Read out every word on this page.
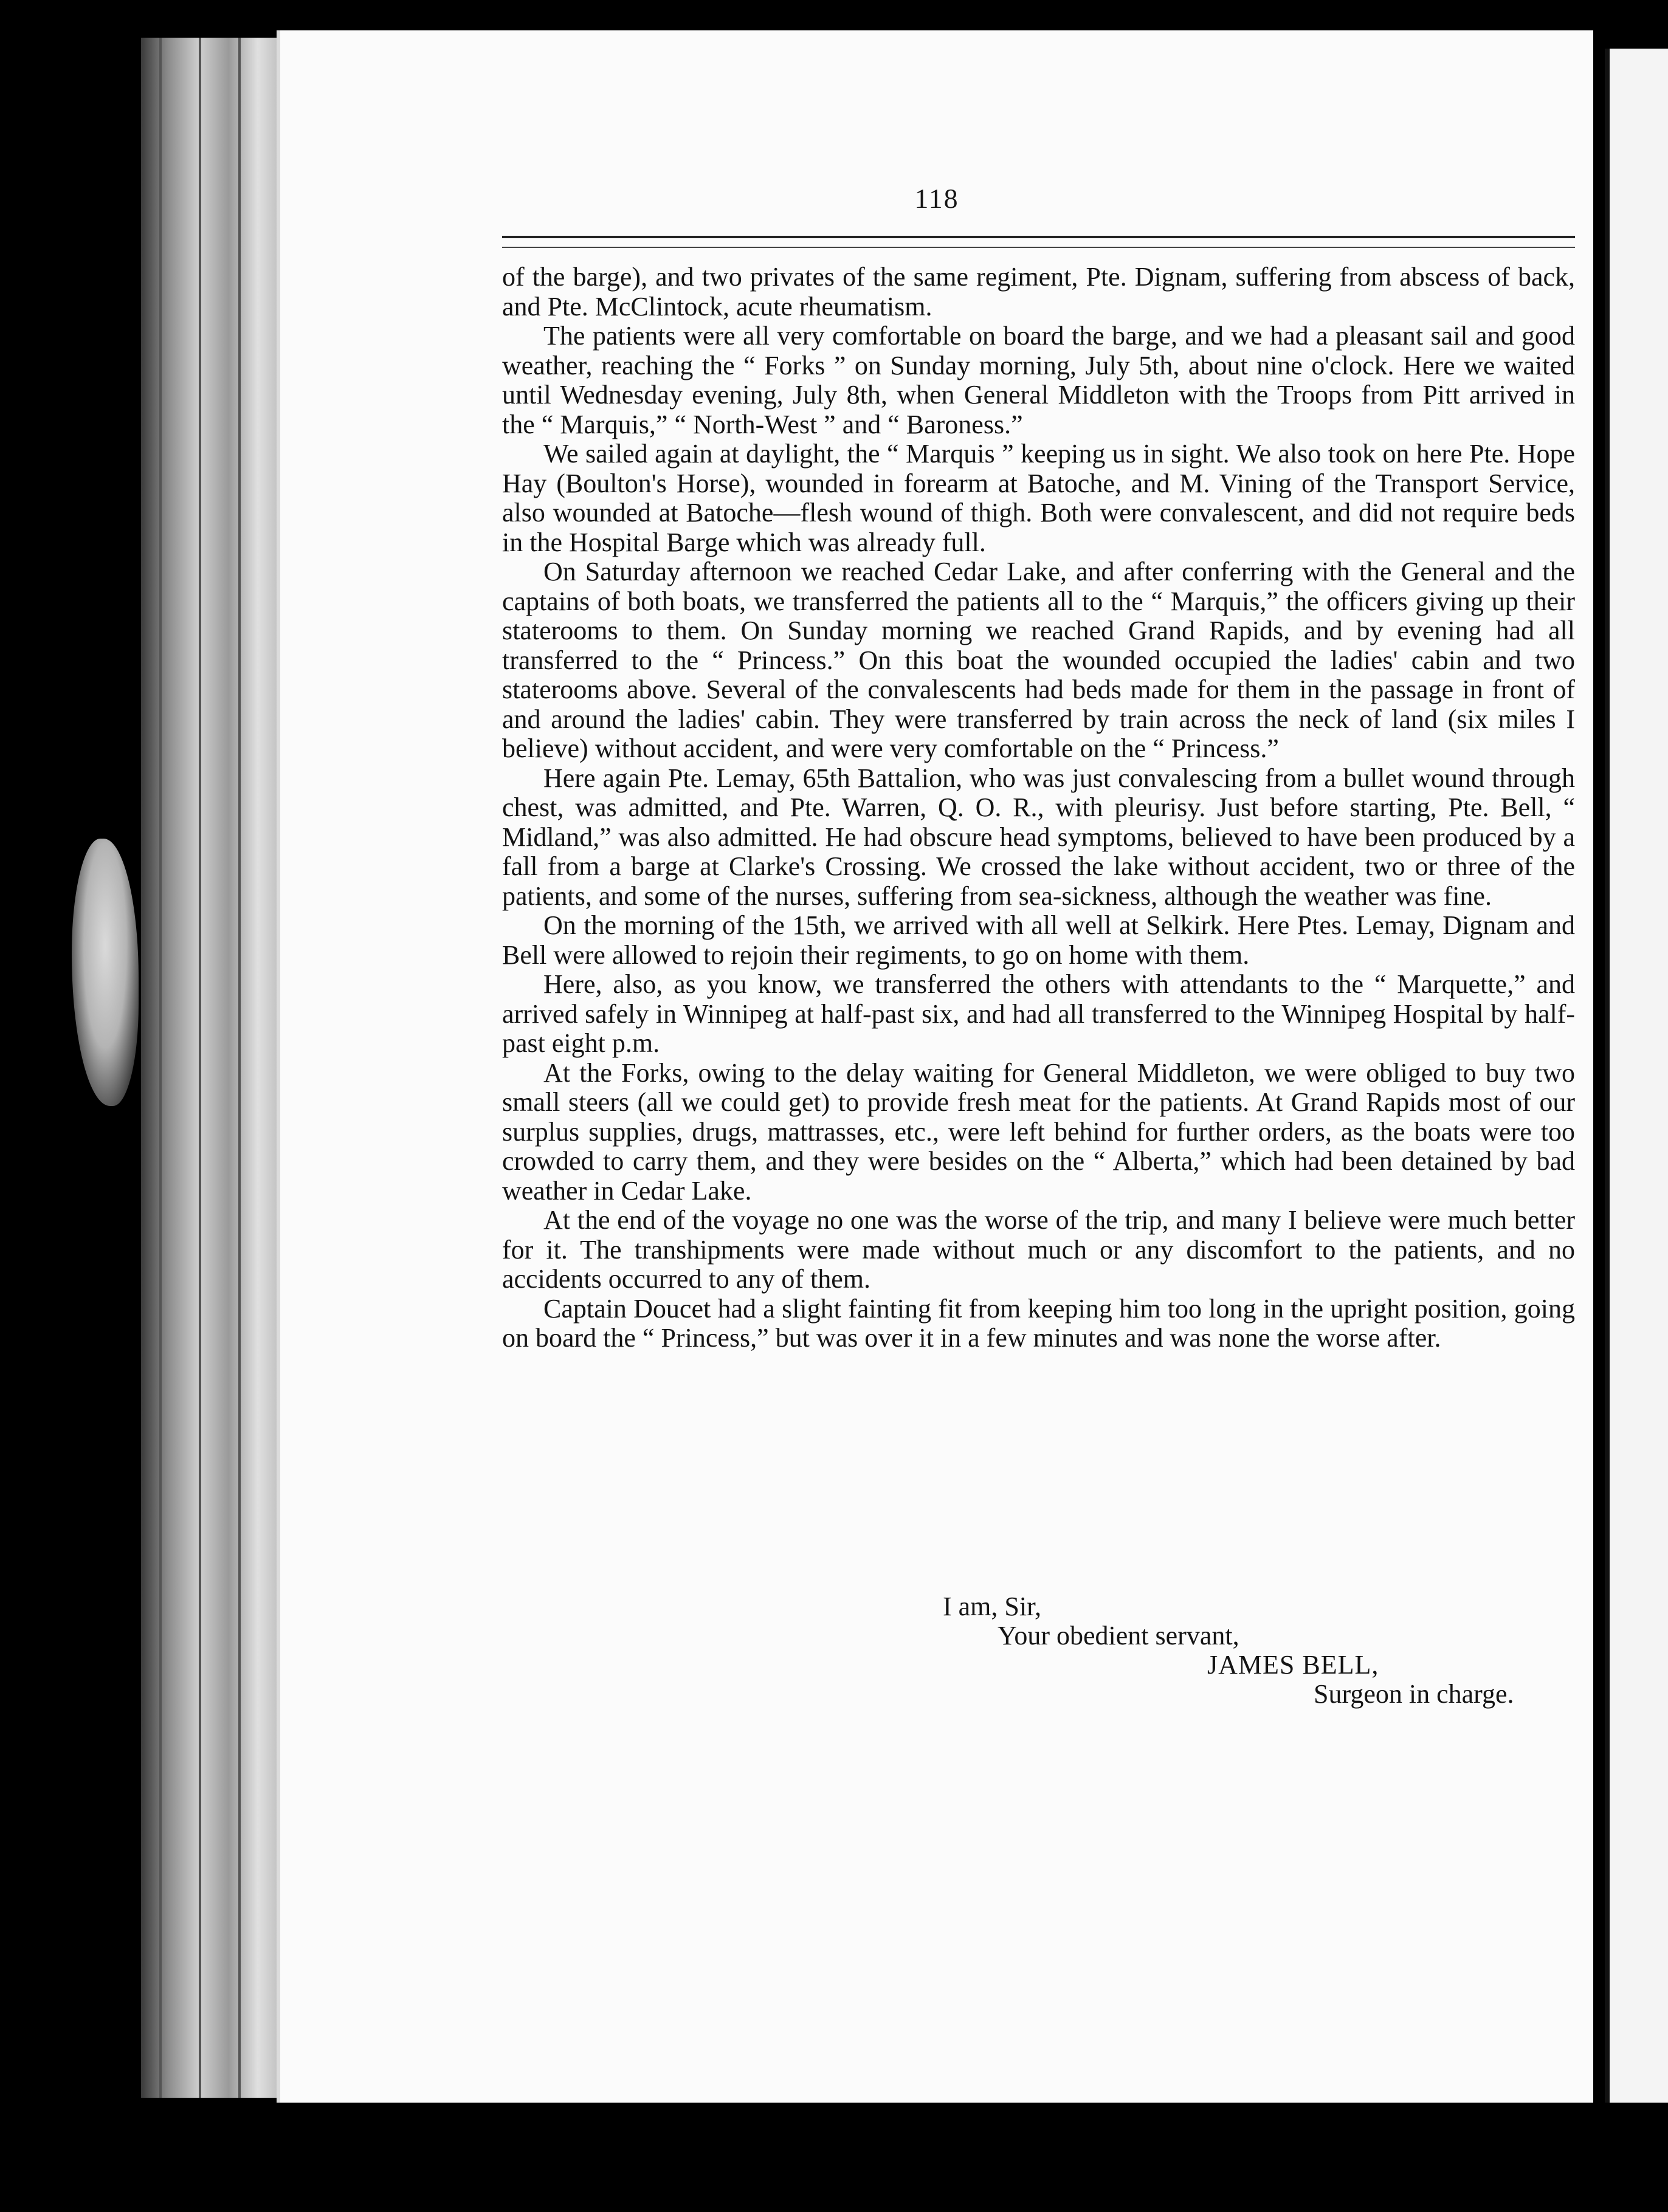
118

of the barge), and two privates of the same regiment, Pte. Dignam, suffering from abscess of back, and Pte. McClintock, acute rheumatism.

The patients were all very comfortable on board the barge, and we had a pleasant sail and good weather, reaching the “ Forks ” on Sunday morning, July 5th, about nine o'clock. Here we waited until Wednesday evening, July 8th, when General Middleton with the Troops from Pitt arrived in the “ Marquis,” “ North-West ” and “ Baroness.”

We sailed again at daylight, the “ Marquis ” keeping us in sight. We also took on here Pte. Hope Hay (Boulton's Horse), wounded in forearm at Batoche, and M. Vining of the Transport Service, also wounded at Batoche—flesh wound of thigh. Both were convalescent, and did not require beds in the Hospital Barge which was already full.

On Saturday afternoon we reached Cedar Lake, and after conferring with the General and the captains of both boats, we transferred the patients all to the “ Marquis,” the officers giving up their staterooms to them. On Sunday morning we reached Grand Rapids, and by evening had all transferred to the “ Princess.” On this boat the wounded occupied the ladies' cabin and two staterooms above. Several of the convalescents had beds made for them in the passage in front of and around the ladies' cabin. They were transferred by train across the neck of land (six miles I believe) without accident, and were very comfortable on the “ Princess.”

Here again Pte. Lemay, 65th Battalion, who was just convalescing from a bullet wound through chest, was admitted, and Pte. Warren, Q. O. R., with pleurisy. Just before starting, Pte. Bell, “ Midland,” was also admitted. He had obscure head symptoms, believed to have been produced by a fall from a barge at Clarke's Crossing. We crossed the lake without accident, two or three of the patients, and some of the nurses, suffering from sea-sickness, although the weather was fine.

On the morning of the 15th, we arrived with all well at Selkirk. Here Ptes. Lemay, Dignam and Bell were allowed to rejoin their regiments, to go on home with them.

Here, also, as you know, we transferred the others with attendants to the “ Marquette,” and arrived safely in Winnipeg at half-past six, and had all transferred to the Winnipeg Hospital by half-past eight p.m.

At the Forks, owing to the delay waiting for General Middleton, we were obliged to buy two small steers (all we could get) to provide fresh meat for the patients. At Grand Rapids most of our surplus supplies, drugs, mattrasses, etc., were left behind for further orders, as the boats were too crowded to carry them, and they were besides on the “ Alberta,” which had been detained by bad weather in Cedar Lake.

At the end of the voyage no one was the worse of the trip, and many I believe were much better for it. The transhipments were made without much or any discomfort to the patients, and no accidents occurred to any of them.

Captain Doucet had a slight fainting fit from keeping him too long in the upright position, going on board the “ Princess,” but was over it in a few minutes and was none the worse after.

I am, Sir,
Your obedient servant,
JAMES BELL,
Surgeon in charge.
